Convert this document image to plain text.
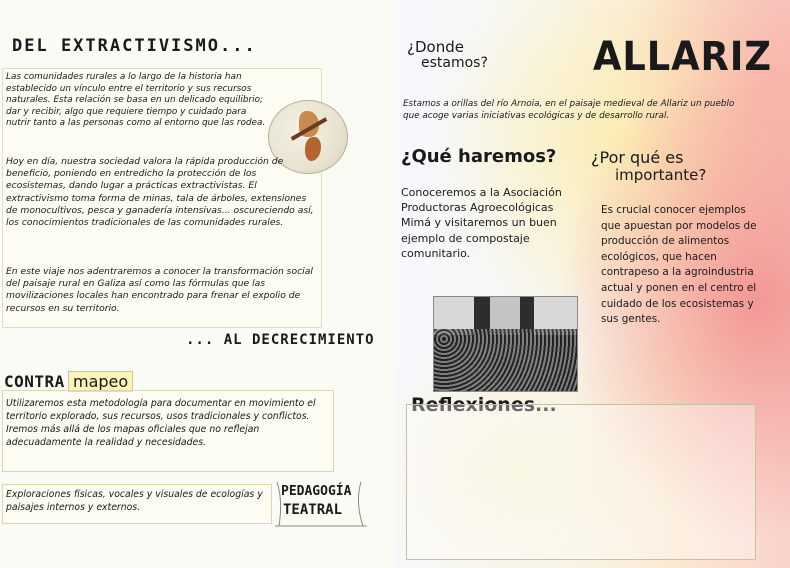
DEL EXTRACTIVISMO...

Las comunidades rurales a lo largo de la historia han establecido un vínculo entre el territorio y sus recursos naturales. Esta relación se basa en un delicado equilibrio; dar y recibir, algo que requiere tiempo y cuidado para nutrir tanto a las personas como al entorno que las rodea.

Hoy en día, nuestra sociedad valora la rápida producción de beneficio, poniendo en entredicho la protección de los ecosistemas, dando lugar a prácticas extractivistas. El extractivismo toma forma de minas, tala de árboles, extensiones de monocultivos, pesca y ganadería intensivas... oscureciendo así, los conocimientos tradicionales de las comunidades rurales.

En este viaje nos adentraremos a conocer la transformación social del paisaje rural en Galiza así como las fórmulas que las movilizaciones locales han encontrado para frenar el expolio de recursos en su territorio.

... AL DECRECIMIENTO
CONTRA mapeo

Utilizaremos esta metodología para documentar en movimiento el territorio explorado, sus recursos, usos tradicionales y conflictos. Iremos más allá de los mapas oficiales que no reflejan adecuadamente la realidad y necesidades.

Exploraciones físicas, vocales y visuales de ecologías y paisajes internos y externos.

PEDAGOGÍA
TEATRAL
¿Donde
estamos?	ALLARIZ

Estamos a orillas del río Arnoia, en el paisaje medieval de Allariz un pueblo que acoge varias iniciativas ecológicas y de desarrollo rural.

¿Qué haremos?

Conoceremos a la Asociación Productoras Agroecológicas Mimá y visitaremos un buen ejemplo de compostaje comunitario.

¿Por qué es
importante?

Es crucial conocer ejemplos que apuestan por modelos de producción de alimentos ecológicos, que hacen contrapeso a la agroindustria actual y ponen en el centro el cuidado de los ecosistemas y sus gentes.

Reflexiones...
